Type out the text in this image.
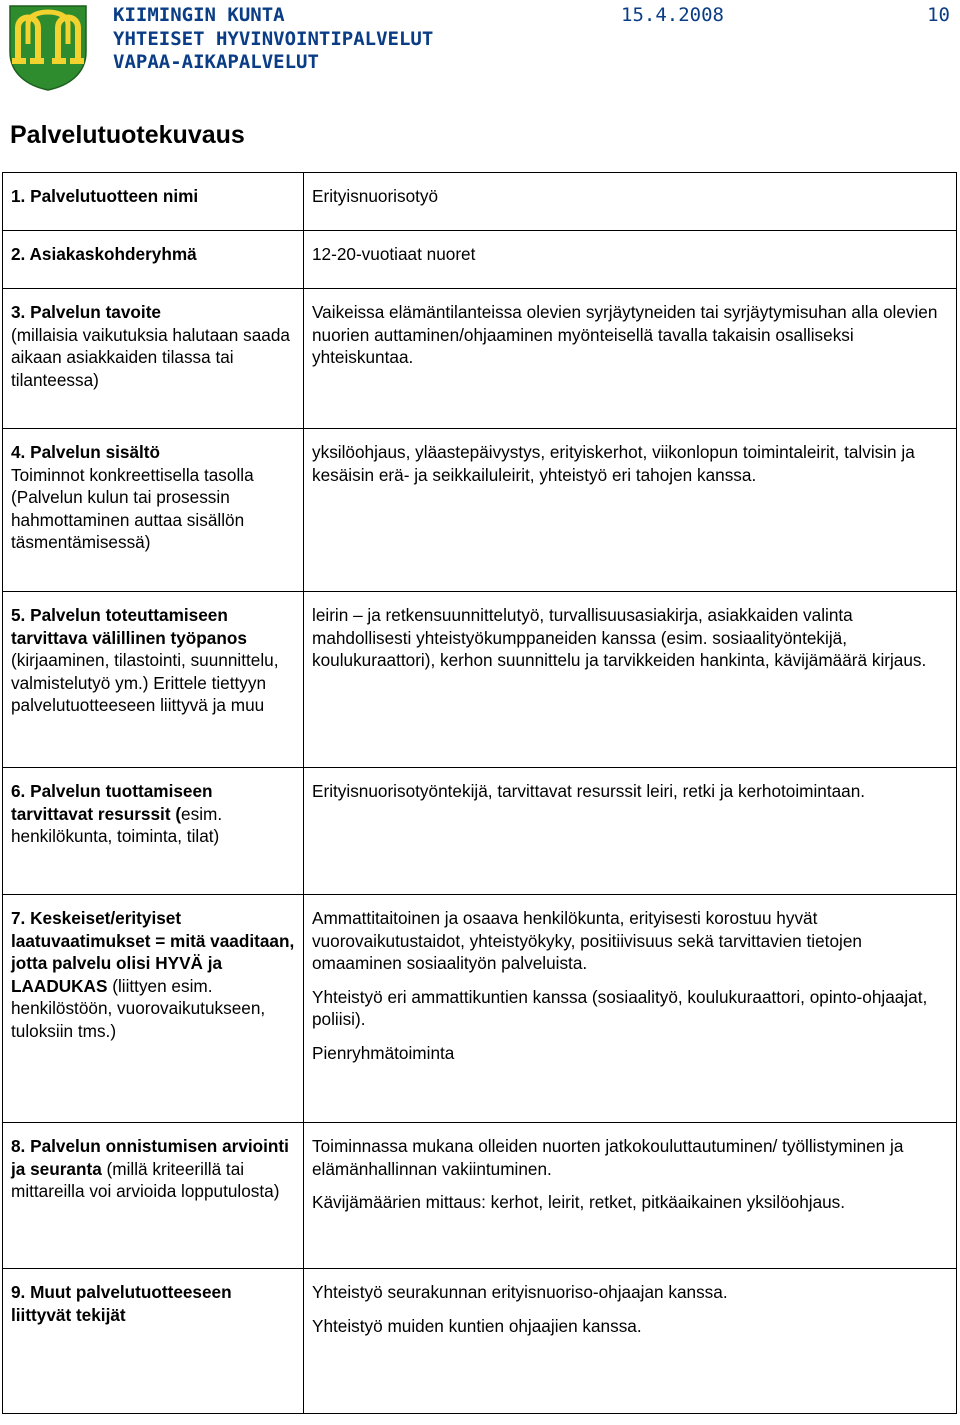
KIIMINGIN KUNTA
YHTEISET HYVINVOINTIPALVELUT
VAPAA-AIKAPALVELUT
15.4.2008	10
Palvelutuotekuvaus
1. Palvelutuotteen nimi	Erityisnuorisotyö

2. Asiakaskohderyhmä	12-20-vuotiaat nuoret

3. Palvelun tavoite
(millaisia vaikutuksia halutaan saada aikaan asiakkaiden tilassa tai tilanteessa)	Vaikeissa elämäntilanteissa olevien syrjäytyneiden tai syrjäytymisuhan alla olevien nuorien auttaminen/ohjaaminen myönteisellä tavalla takaisin osalliseksi yhteiskuntaa.

4. Palvelun sisältö
Toiminnot konkreettisella tasolla (Palvelun kulun tai prosessin hahmottaminen auttaa sisällön täsmentämisessä)	yksilöohjaus, yläastepäivystys, erityiskerhot, viikonlopun toimintaleirit, talvisin ja kesäisin erä- ja seikkailuleirit, yhteistyö eri tahojen kanssa.

5. Palvelun toteuttamiseen tarvittava välillinen työpanos (kirjaaminen, tilastointi, suunnittelu, valmistelutyö ym.) Erittele tiettyyn palvelutuotteeseen liittyvä ja muu	leirin – ja retkensuunnittelutyö, turvallisuusasiakirja, asiakkaiden valinta mahdollisesti yhteistyökumppaneiden kanssa (esim. sosiaalityöntekijä, koulukuraattori), kerhon suunnittelu ja tarvikkeiden hankinta, kävijämäärä kirjaus.

6. Palvelun tuottamiseen tarvittavat resurssit (esim. henkilökunta, toiminta, tilat)	Erityisnuorisotyöntekijä, tarvittavat resurssit leiri, retki ja kerhotoimintaan.

7. Keskeiset/erityiset laatuvaatimukset = mitä vaaditaan, jotta palvelu olisi HYVÄ ja LAADUKAS (liittyen esim. henkilöstöön, vuorovaikutukseen, tuloksiin tms.)	Ammattitaitoinen ja osaava henkilökunta, erityisesti korostuu hyvät vuorovaikutustaidot, yhteistyökyky, positiivisuus sekä tarvittavien tietojen omaaminen sosiaalityön palveluista.

Yhteistyö eri ammattikuntien kanssa (sosiaalityö, koulukuraattori, opinto-ohjaajat, poliisi).

Pienryhmätoiminta

8. Palvelun onnistumisen arviointi ja seuranta (millä kriteerillä tai mittareilla voi arvioida lopputulosta)	Toiminnassa mukana olleiden nuorten jatkokouluttautuminen/ työllistyminen ja elämänhallinnan vakiintuminen.

Kävijämäärien mittaus: kerhot, leirit, retket, pitkäaikainen yksilöohjaus.

9. Muut palvelutuotteeseen liittyvät tekijät	Yhteistyö seurakunnan erityisnuoriso-ohjaajan kanssa.

Yhteistyö muiden kuntien ohjaajien kanssa.
